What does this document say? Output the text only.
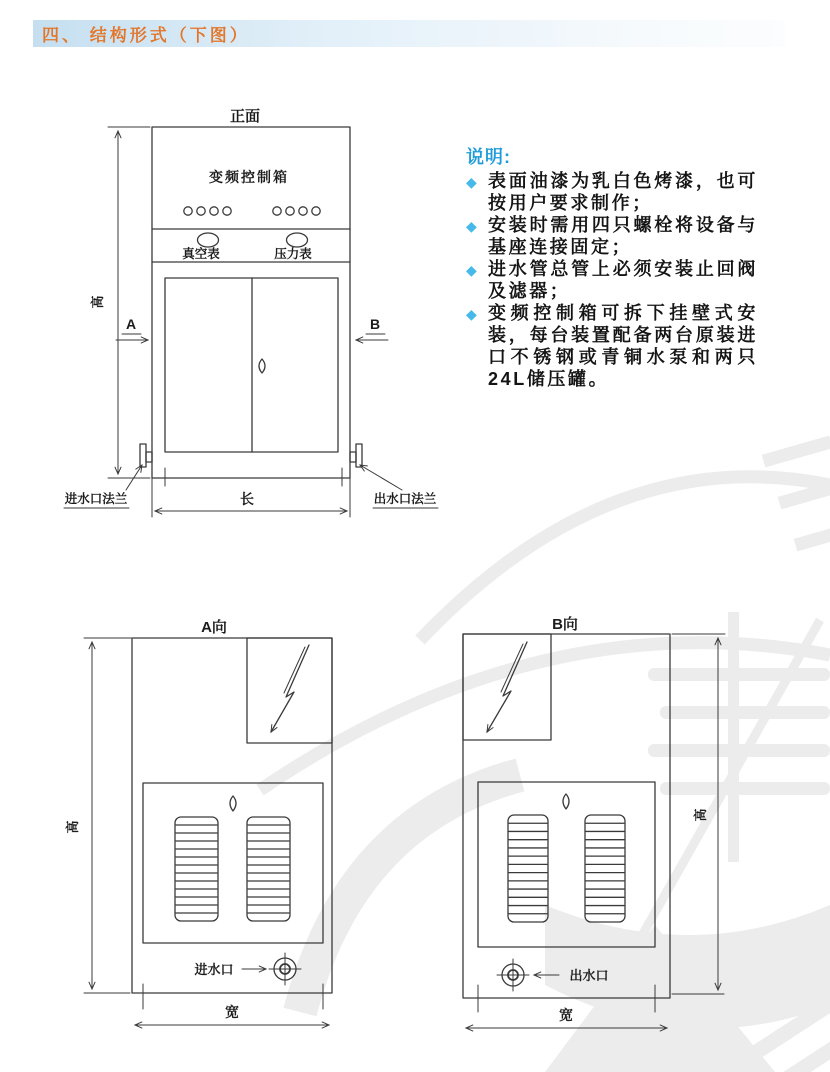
正面
变频控制箱
真空表	压力表
进水口法兰	出水口法兰
高
A	B
长
A向
进水口
宽
高
B向
出水口
宽
高
四、 结构形式（下图）
说明:
◆ 表面油漆为乳白色烤漆，也可按用户要求制作；
◆ 安装时需用四只螺栓将设备与基座连接固定；
◆ 进水管总管上必须安装止回阀及滤器；
◆ 变频控制箱可拆下挂壁式安装，每台装置配备两台原装进口不锈钢或青铜水泵和两只24L储压罐。
